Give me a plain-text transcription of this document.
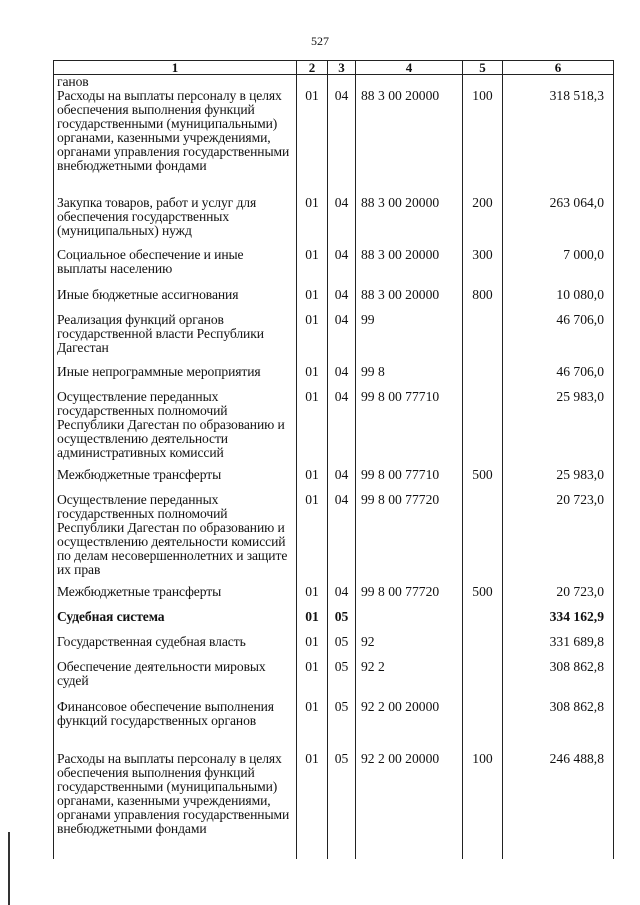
527
1	2	3	4	5	6
ганов
Расходы на выплаты персоналу в целях обеспечения выполнения функций государственными (муниципальными) органами, казенными учреждениями, органами управления государственными внебюджетными фондами	01	04	88 3 00 20000	100	318 518,3
Закупка товаров, работ и услуг для обеспечения государственных (муниципальных) нужд	01	04	88 3 00 20000	200	263 064,0
Социальное обеспечение и иные выплаты населению	01	04	88 3 00 20000	300	7 000,0
Иные бюджетные ассигнования	01	04	88 3 00 20000	800	10 080,0
Реализация функций органов государственной власти Республики Дагестан	01	04	99		46 706,0
Иные непрограммные мероприятия	01	04	99 8		46 706,0
Осуществление переданных государственных полномочий Республики Дагестан по образованию и осуществлению деятельности административных комиссий	01	04	99 8 00 77710		25 983,0
Межбюджетные трансферты	01	04	99 8 00 77710	500	25 983,0
Осуществление переданных государственных полномочий Республики Дагестан по образованию и осуществлению деятельности комиссий по делам несовершеннолетних и защите их прав	01	04	99 8 00 77720		20 723,0
Межбюджетные трансферты	01	04	99 8 00 77720	500	20 723,0
Судебная система	01	05			334 162,9
Государственная судебная власть	01	05	92		331 689,8
Обеспечение деятельности мировых судей	01	05	92 2		308 862,8
Финансовое обеспечение выполнения функций государственных органов	01	05	92 2 00 20000		308 862,8
Расходы на выплаты персоналу в целях обеспечения выполнения функций государственными (муниципальными) органами, казенными учреждениями, органами управления государственными внебюджетными фондами	01	05	92 2 00 20000	100	246 488,8
